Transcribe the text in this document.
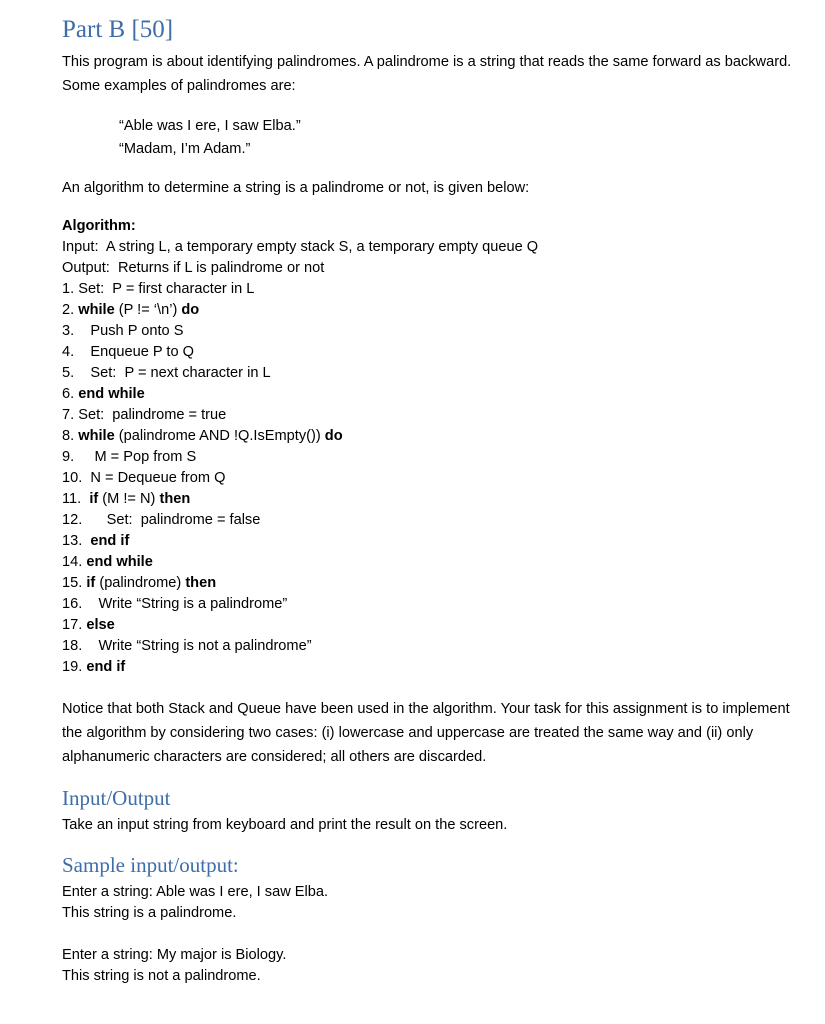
Part B [50]

This program is about identifying palindromes. A palindrome is a string that reads the same forward as backward. Some examples of palindromes are:

“Able was I ere, I saw Elba.”
“Madam, I’m Adam.”

An algorithm to determine a string is a palindrome or not, is given below:

Algorithm:
Input:  A string L, a temporary empty stack S, a temporary empty queue Q
Output:  Returns if L is palindrome or not
1. Set:  P = first character in L
2. while (P != ‘\n’) do
3.    Push P onto S
4.    Enqueue P to Q
5.    Set:  P = next character in L
6. end while
7. Set:  palindrome = true
8. while (palindrome AND !Q.IsEmpty()) do
9.     M = Pop from S
10.  N = Dequeue from Q
11. if (M != N) then
12.      Set:  palindrome = false
13. end if
14. end while
15. if (palindrome) then
16.    Write “String is a palindrome”
17. else
18.    Write “String is not a palindrome”
19. end if

Notice that both Stack and Queue have been used in the algorithm. Your task for this assignment is to implement the algorithm by considering two cases: (i) lowercase and uppercase are treated the same way and (ii) only alphanumeric characters are considered; all others are discarded.

Input/Output
Take an input string from keyboard and print the result on the screen.
Sample input/output:
Enter a string: Able was I ere, I saw Elba.
This string is a palindrome.
Enter a string: My major is Biology.
This string is not a palindrome.
